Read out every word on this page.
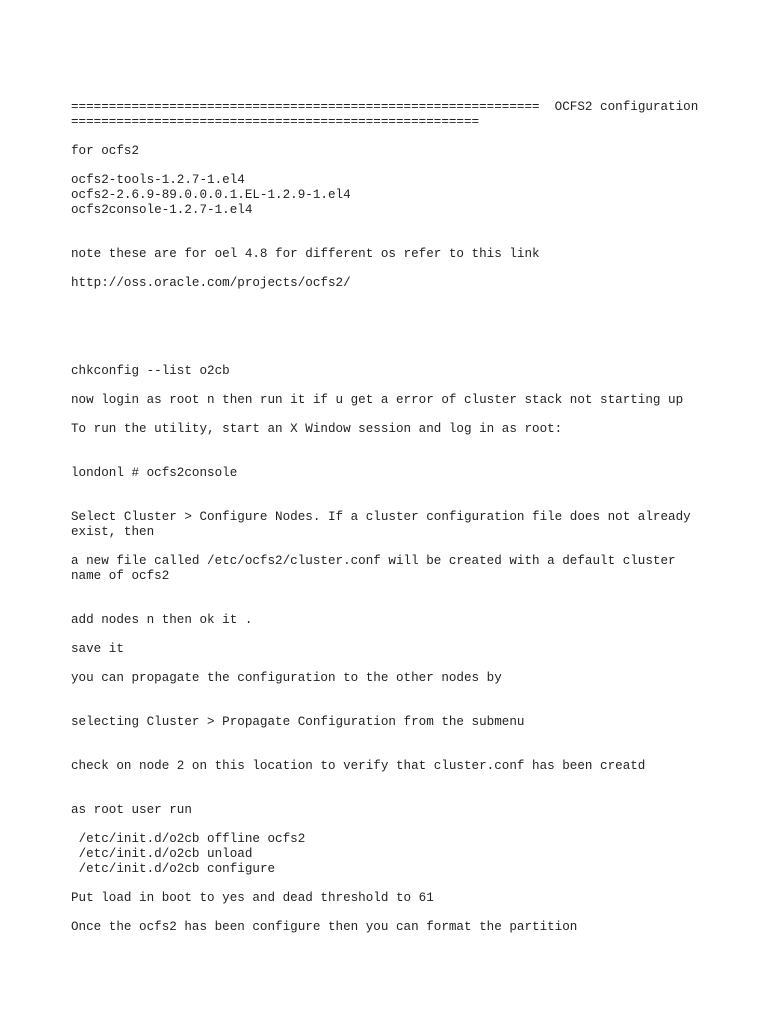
==============================================================  OCFS2 configuration
======================================================

for ocfs2

ocfs2-tools-1.2.7-1.el4

ocfs2-2.6.9-89.0.0.0.1.EL-1.2.9-1.el4

ocfs2console-1.2.7-1.el4

note these are for oel 4.8 for different os refer to this link

http://oss.oracle.com/projects/ocfs2/

chkconfig --list o2cb

now login as root n then run it if u get a error of cluster stack not starting up

To run the utility, start an X Window session and log in as root:

londonl # ocfs2console

Select Cluster > Configure Nodes. If a cluster configuration file does not already exist, then

a new file called /etc/ocfs2/cluster.conf will be created with a default cluster name of ocfs2

add nodes n then ok it .

save it

you can propagate the configuration to the other nodes by

selecting Cluster > Propagate Configuration from the submenu

check on node 2 on this location to verify that cluster.conf has been creatd

as root user run

/etc/init.d/o2cb offline ocfs2

/etc/init.d/o2cb unload

/etc/init.d/o2cb configure

Put load in boot to yes and dead threshold to 61

Once the ocfs2 has been configure then you can format the partition
